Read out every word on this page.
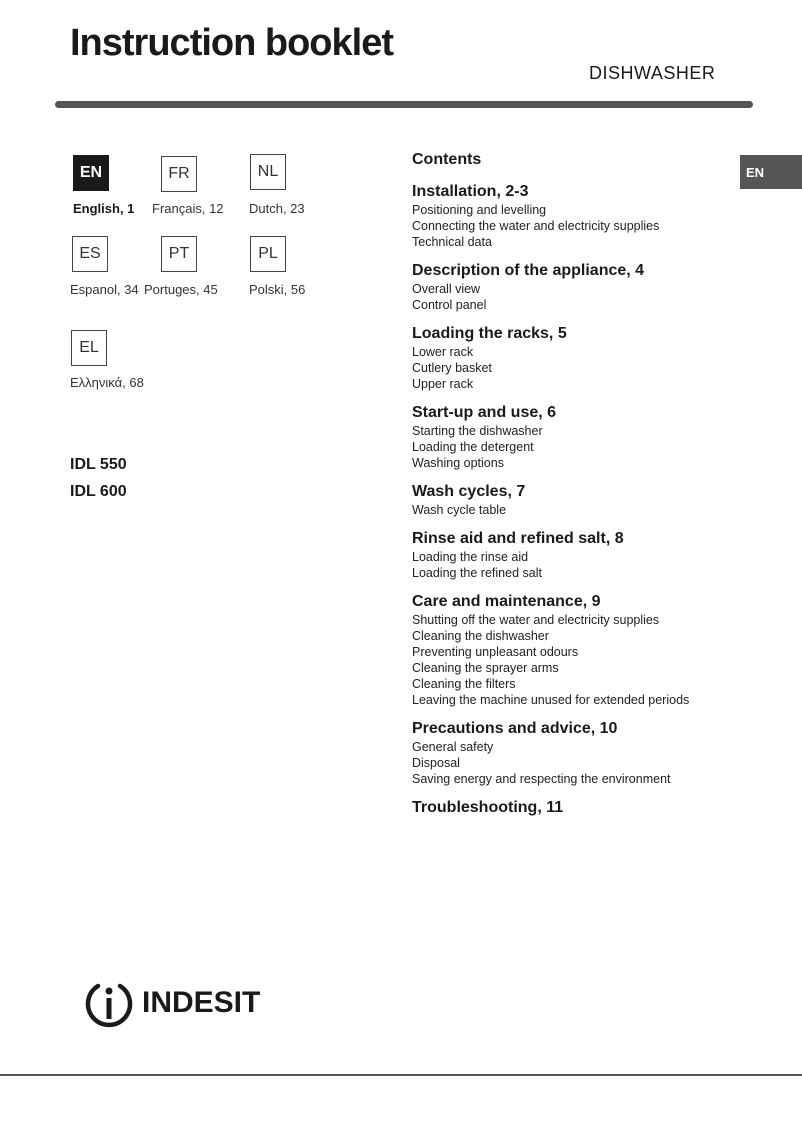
Instruction booklet
DISHWASHER
EN
English, 1
FR
Français, 12
NL
Dutch, 23
ES
Espanol, 34
PT
Portuges, 45
PL
Polski, 56
EL
Ελληνικά, 68
IDL 550
IDL 600
Contents
Installation, 2-3
Positioning and levelling
Connecting the water and electricity supplies
Technical data
Description of the appliance, 4
Overall view
Control panel
Loading the racks, 5
Lower rack
Cutlery basket
Upper rack
Start-up and use, 6
Starting the dishwasher
Loading the detergent
Washing options
Wash cycles, 7
Wash cycle table
Rinse aid and refined salt, 8
Loading the rinse aid
Loading the refined salt
Care and maintenance, 9
Shutting off the water and electricity supplies
Cleaning the dishwasher
Preventing unpleasant odours
Cleaning the sprayer arms
Cleaning the filters
Leaving the machine unused for extended periods
Precautions and advice, 10
General safety
Disposal
Saving energy and respecting the environment
Troubleshooting, 11
EN
INDESIT
